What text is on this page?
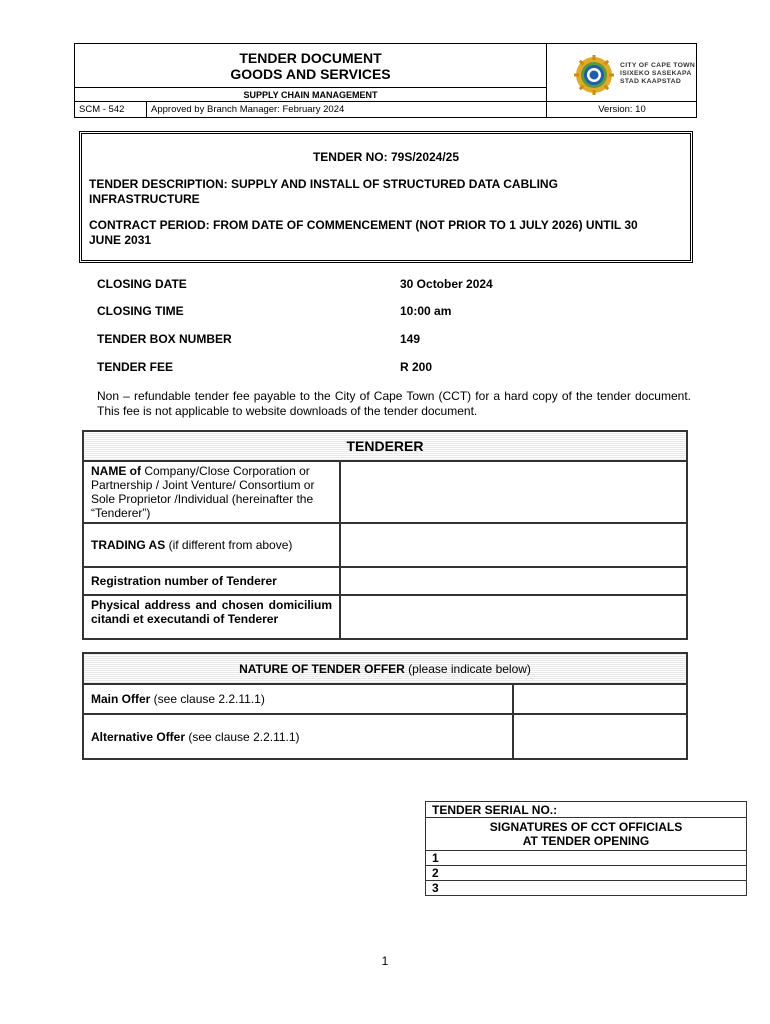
TENDER DOCUMENT
GOODS AND SERVICES
SUPPLY CHAIN MANAGEMENT
CITY OF CAPE TOWN
ISIXEKO SASEKAPA
STAD KAAPSTAD
SCM - 542	Approved by Branch Manager: February 2024	Version: 10
TENDER NO: 79S/2024/25
TENDER DESCRIPTION: SUPPLY AND INSTALL OF STRUCTURED DATA CABLING
INFRASTRUCTURE
CONTRACT PERIOD: FROM DATE OF COMMENCEMENT (NOT PRIOR TO 1 JULY 2026) UNTIL 30
JUNE 2031
CLOSING DATE	30 October 2024
CLOSING TIME	10:00 am
TENDER BOX NUMBER	149
TENDER FEE	R 200
Non – refundable tender fee payable to the City of Cape Town (CCT) for a hard copy of the tender document. This fee is not applicable to website downloads of the tender document.
TENDERER	
NAME of Company/Close Corporation or Partnership / Joint Venture/ Consortium or Sole Proprietor /Individual (hereinafter the “Tenderer”)	
TRADING AS (if different from above)	
Registration number of Tenderer	
Physical address and chosen domicilium citandi et executandi of Tenderer	
NATURE OF TENDER OFFER (please indicate below)	
Main Offer (see clause 2.2.11.1)	
Alternative Offer (see clause 2.2.11.1)	
TENDER SERIAL NO.:

SIGNATURES OF CCT OFFICIALS
AT TENDER OPENING

1
2
3
1
